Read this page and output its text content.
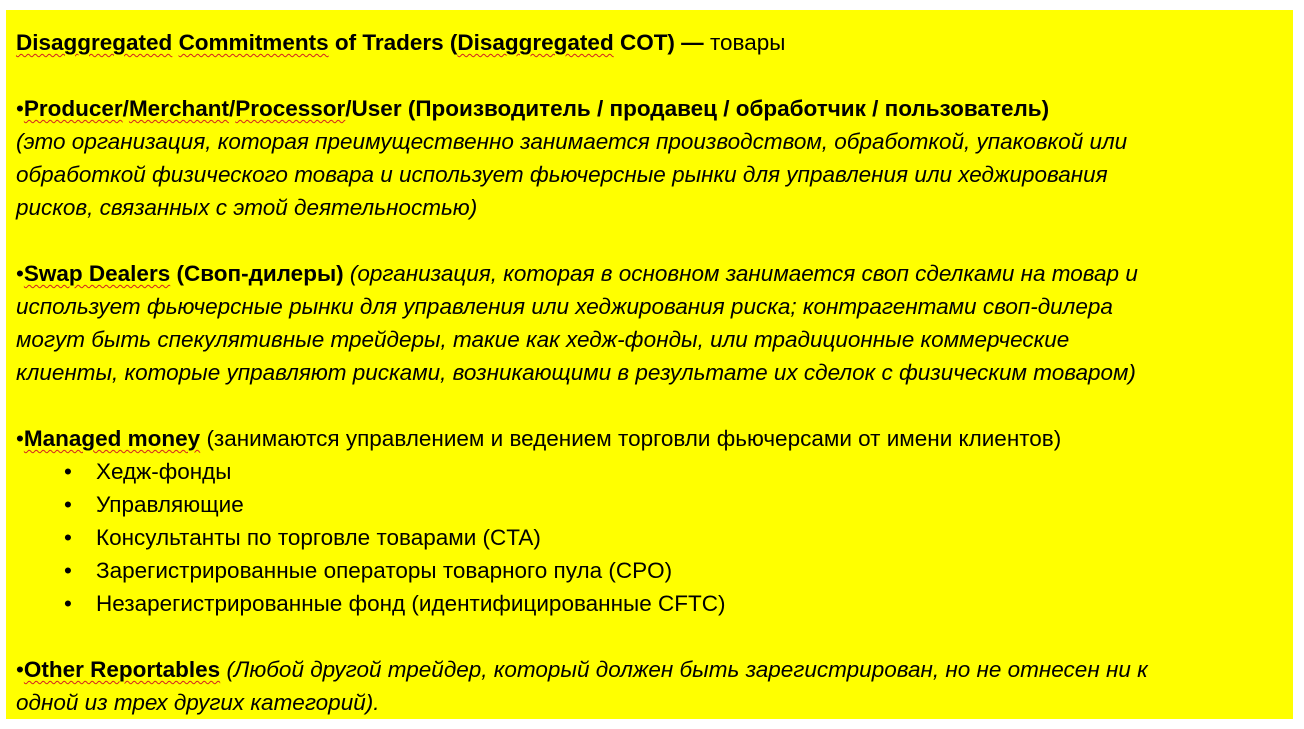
Disaggregated Commitments of Traders (Disaggregated COT) — товары
•Producer/Merchant/Processor/User (Производитель / продавец / обработчик / пользователь)
(это организация, которая преимущественно занимается производством, обработкой, упаковкой или
обработкой физического товара и использует фьючерсные рынки для управления или хеджирования
рисков, связанных с этой деятельностью)
•Swap Dealers (Своп-дилеры) (организация, которая в основном занимается своп сделками на товар и
использует фьючерсные рынки для управления или хеджирования риска; контрагентами своп-дилера
могут быть спекулятивные трейдеры, такие как хедж-фонды, или традиционные коммерческие
клиенты, которые управляют рисками, возникающими в результате их сделок с физическим товаром)
•Managed money (занимаются управлением и ведением торговли фьючерсами от имени клиентов)
• Хедж-фонды
• Управляющие
• Консультанты по торговле товарами (CTA)
• Зарегистрированные операторы товарного пула (CPO)
• Незарегистрированные фонд (идентифицированные CFTC)
•Other Reportables (Любой другой трейдер, который должен быть зарегистрирован, но не отнесен ни к
одной из трех других категорий).
